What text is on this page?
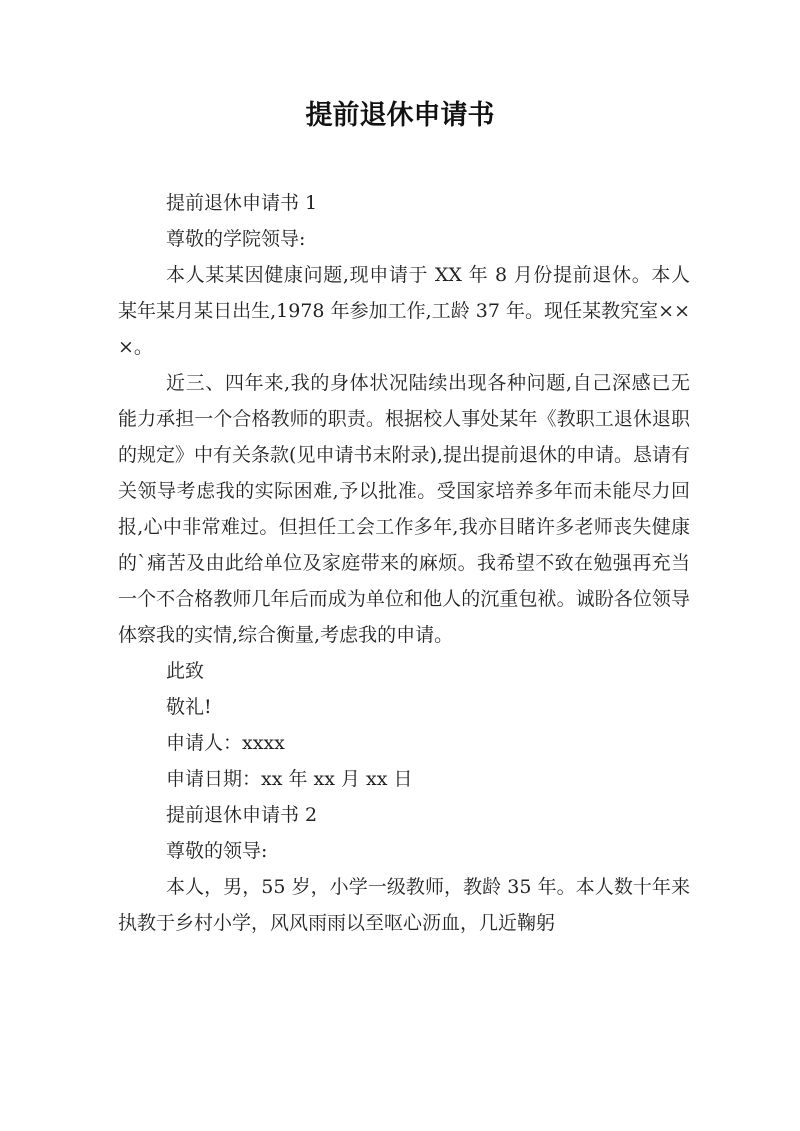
提前退休申请书

提前退休申请书 1

尊敬的学院领导:

本人某某因健康问题,现申请于 XX 年 8 月份提前退休。本人某年某月某日出生,1978 年参加工作,工龄 37 年。现任某教究室×××。

近三、四年来,我的身体状况陆续出现各种问题,自己深感已无能力承担一个合格教师的职责。根据校人事处某年《教职工退休退职的规定》中有关条款(见申请书末附录),提出提前退休的申请。恳请有关领导考虑我的实际困难,予以批准。受国家培养多年而未能尽力回报,心中非常难过。但担任工会工作多年,我亦目睹许多老师丧失健康的`痛苦及由此给单位及家庭带来的麻烦。我希望不致在勉强再充当一个不合格教师几年后而成为单位和他人的沉重包袱。诚盼各位领导体察我的实情,综合衡量,考虑我的申请。

此致

敬礼!

申请人：xxxx

申请日期：xx 年 xx 月 xx 日

提前退休申请书 2

尊敬的领导:

本人，男，55 岁，小学一级教师，教龄 35 年。本人数十年来执教于乡村小学，风风雨雨以至呕心沥血，几近鞠躬
